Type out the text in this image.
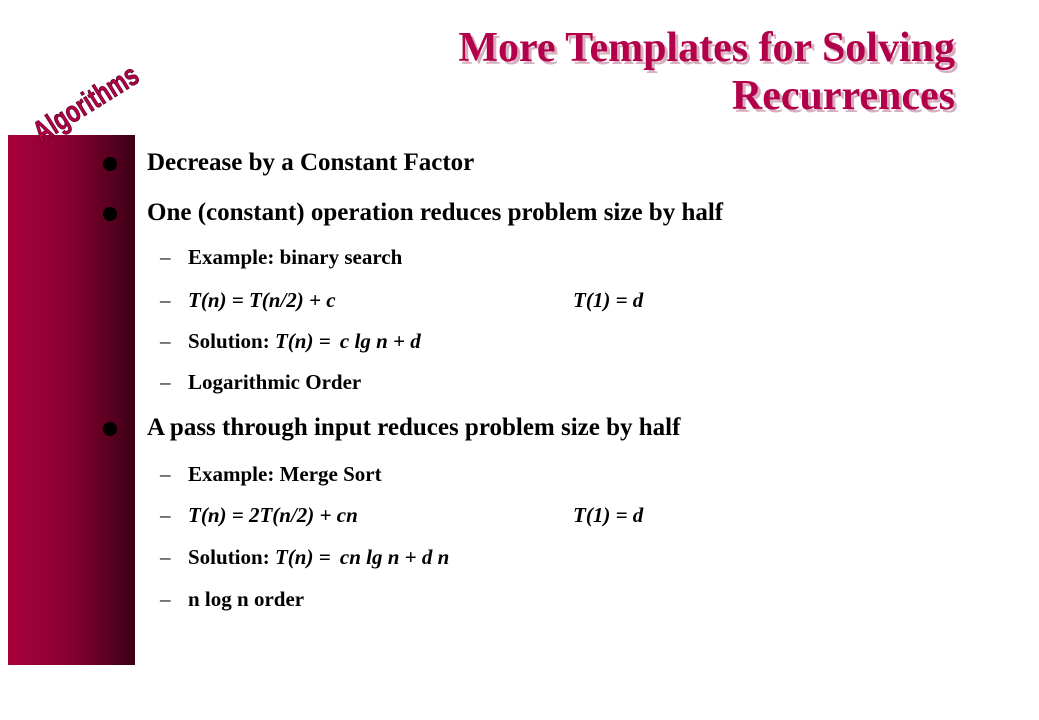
Algorithms	More Templates for Solving
Recurrences
Decrease by a Constant Factor
One (constant) operation reduces problem size by half
– Example: binary search
– T(n) = T(n/2) + c	T(1) = d
– Solution: T(n) = c lg n + d
– Logarithmic Order
A pass through input reduces problem size by half
– Example: Merge Sort
– T(n) = 2T(n/2) + cn	T(1) = d
– Solution: T(n) = cn lg n + d n
– n log n order
